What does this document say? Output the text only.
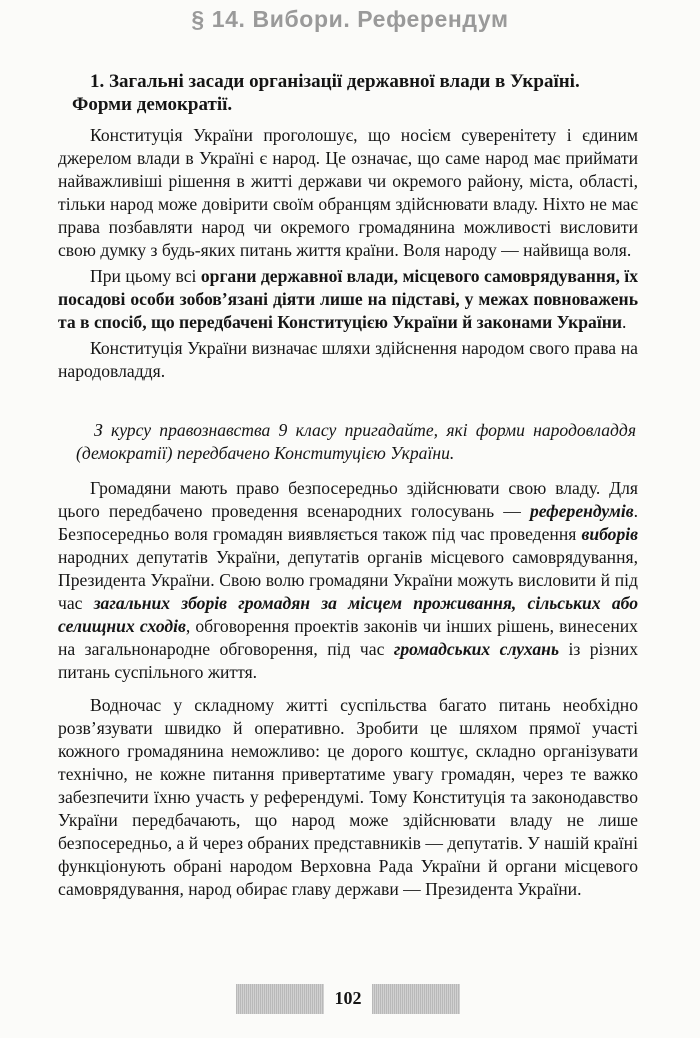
§ 14. Вибори. Референдум

1. Загальні засади організації державної влади в Україні. Форми демократії.

Конституція України проголошує, що носієм суверенітету і єдиним джерелом влади в Україні є народ. Це означає, що саме народ має приймати найважливіші рішення в житті держави чи окремого району, міста, області, тільки народ може довірити своїм обранцям здійснювати владу. Ніхто не має права позбавляти народ чи окремого громадянина можливості висловити свою думку з будь-яких питань життя країни. Воля народу — найвища воля.

При цьому всі органи державної влади, місцевого самоврядування, їх посадові особи зобов’язані діяти лише на підставі, у межах повноважень та в спосіб, що передбачені Конституцією України й законами України.

Конституція України визначає шляхи здійснення народом свого права на народовладдя.

З курсу правознавства 9 класу пригадайте, які форми народовладдя (демократії) передбачено Конституцією України.

Громадяни мають право безпосередньо здійснювати свою владу. Для цього передбачено проведення всенародних голосувань — референдумів. Безпосередньо воля громадян виявляється також під час проведення виборів народних депутатів України, депутатів органів місцевого самоврядування, Президента України. Свою волю громадяни України можуть висловити й під час загальних зборів громадян за місцем проживання, сільських або селищних сходів, обговорення проектів законів чи інших рішень, винесених на загальнонародне обговорення, під час громадських слухань із різних питань суспільного життя.

Водночас у складному житті суспільства багато питань необхідно розв’язувати швидко й оперативно. Зробити це шляхом прямої участі кожного громадянина неможливо: це дорого коштує, складно організувати технічно, не кожне питання привертатиме увагу громадян, через те важко забезпечити їхню участь у референдумі. Тому Конституція та законодавство України передбачають, що народ може здійснювати владу не лише безпосередньо, а й через обраних представників — депутатів. У нашій країні функціонують обрані народом Верховна Рада України й органи місцевого самоврядування, народ обирає главу держави — Президента України.

102
